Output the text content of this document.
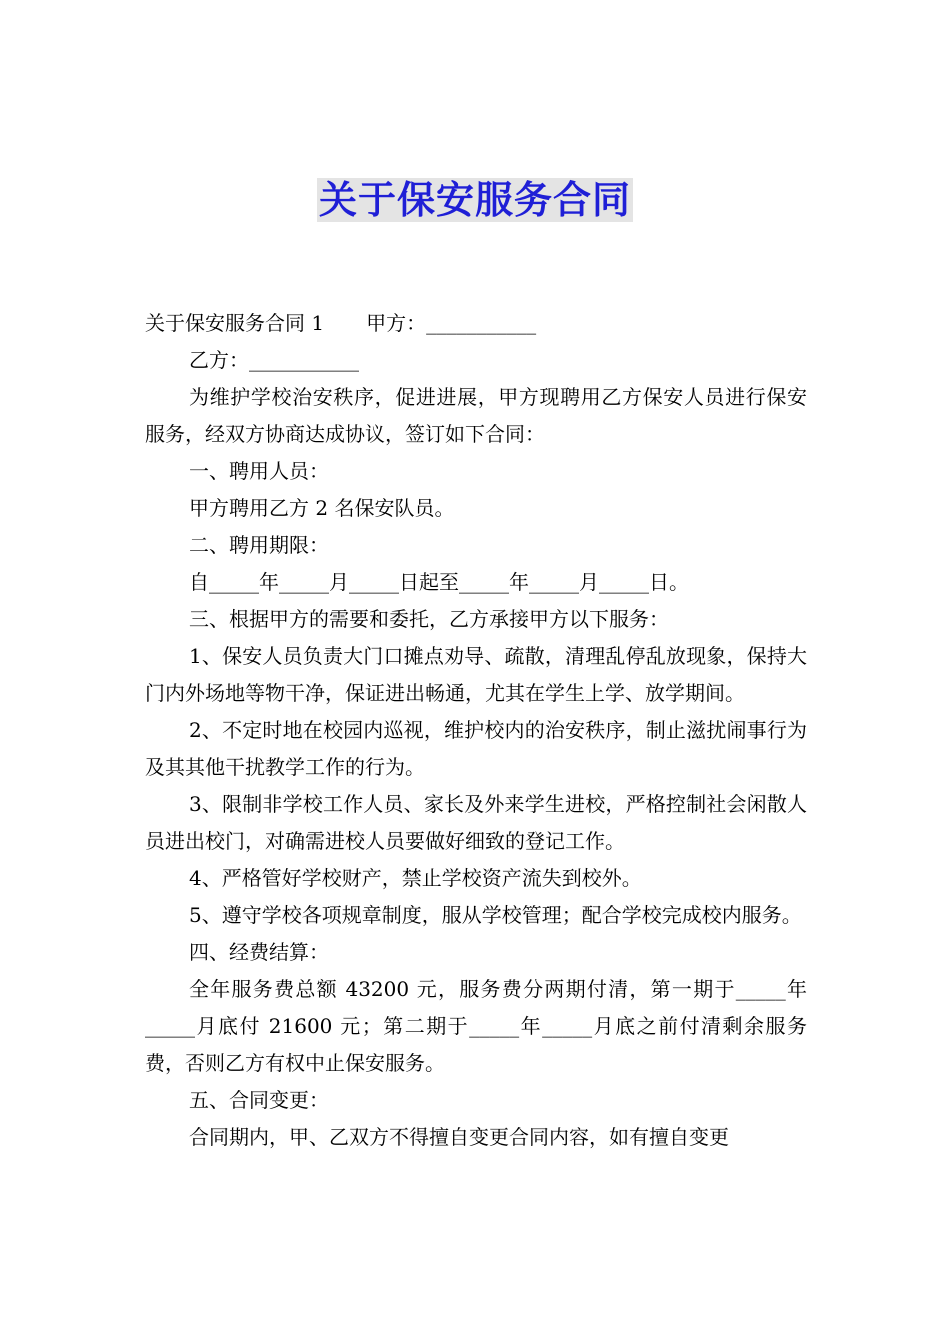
关于保安服务合同

关于保安服务合同 1 甲方：___________

乙方：___________

为维护学校治安秩序，促进进展，甲方现聘用乙方保安人员进行保安服务，经双方协商达成协议，签订如下合同：

一、聘用人员：

甲方聘用乙方 2 名保安队员。

二、聘用期限：

自_____年_____月_____日起至_____年_____月_____日。

三、根据甲方的需要和委托，乙方承接甲方以下服务：

1、保安人员负责大门口摊点劝导、疏散，清理乱停乱放现象，保持大门内外场地等物干净，保证进出畅通，尤其在学生上学、放学期间。

2、不定时地在校园内巡视，维护校内的治安秩序，制止滋扰闹事行为及其其他干扰教学工作的行为。

3、限制非学校工作人员、家长及外来学生进校，严格控制社会闲散人员进出校门，对确需进校人员要做好细致的登记工作。

4、严格管好学校财产，禁止学校资产流失到校外。

5、遵守学校各项规章制度，服从学校管理；配合学校完成校内服务。

四、经费结算：

全年服务费总额 43200 元，服务费分两期付清，第一期于_____年_____月底付 21600 元；第二期于_____年_____月底之前付清剩余服务费，否则乙方有权中止保安服务。

五、合同变更：

合同期内，甲、乙双方不得擅自变更合同内容，如有擅自变更
